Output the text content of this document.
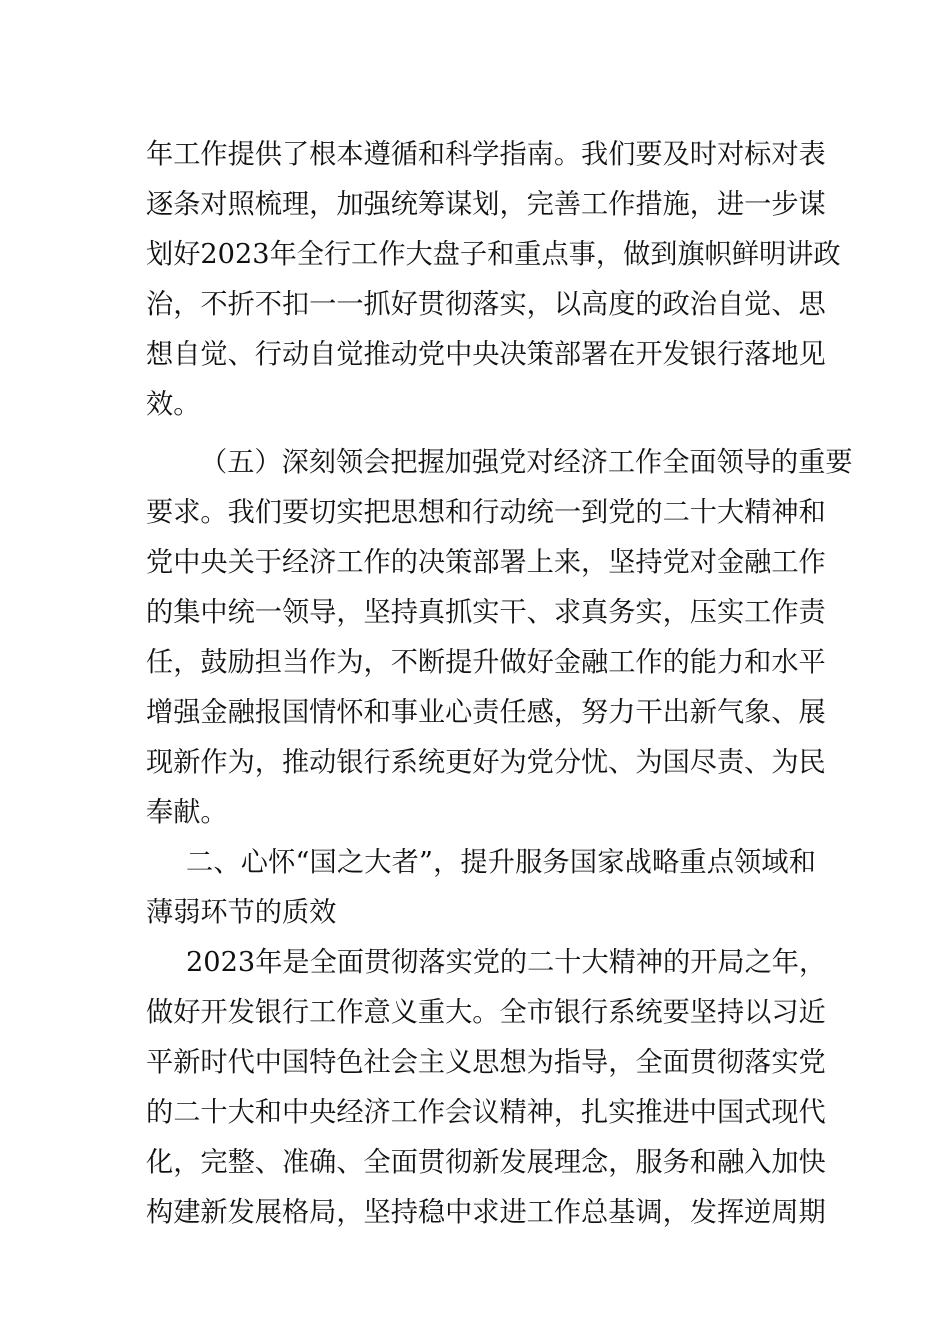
年工作提供了根本遵循和科学指南。我们要及时对标对表
逐条对照梳理，加强统筹谋划，完善工作措施，进一步谋
划好2023年全行工作大盘子和重点事，做到旗帜鲜明讲政
治，不折不扣一一抓好贯彻落实，以高度的政治自觉、思
想自觉、行动自觉推动党中央决策部署在开发银行落地见
效。
（五）深刻领会把握加强党对经济工作全面领导的重要
要求。我们要切实把思想和行动统一到党的二十大精神和
党中央关于经济工作的决策部署上来，坚持党对金融工作
的集中统一领导，坚持真抓实干、求真务实，压实工作责
任，鼓励担当作为，不断提升做好金融工作的能力和水平
增强金融报国情怀和事业心责任感，努力干出新气象、展
现新作为，推动银行系统更好为党分忧、为国尽责、为民
奉献。
二、心怀“国之大者”，提升服务国家战略重点领域和
薄弱环节的质效
2023年是全面贯彻落实党的二十大精神的开局之年，
做好开发银行工作意义重大。全市银行系统要坚持以习近
平新时代中国特色社会主义思想为指导，全面贯彻落实党
的二十大和中央经济工作会议精神，扎实推进中国式现代
化，完整、准确、全面贯彻新发展理念，服务和融入加快
构建新发展格局，坚持稳中求进工作总基调，发挥逆周期
